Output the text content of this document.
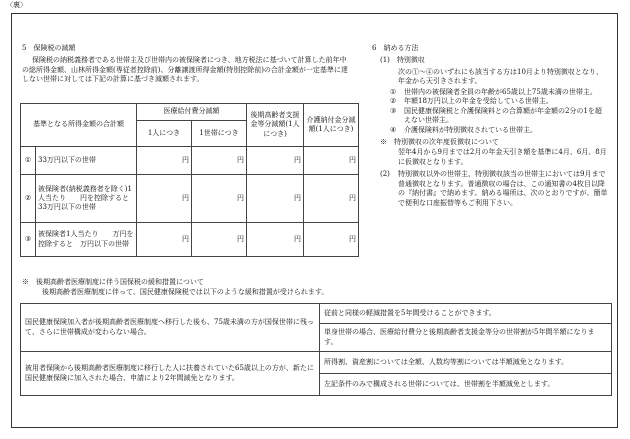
〈裏〉

5　保険税の減額

保険税の納税義務者である世帯主及び世帯内の被保険者につき、地方税法に基づいて計算した前年中の総所得金額、山林所得金額(専従者控除前)、分離譲渡所得金額(特別控除前)の合計金額が一定基準に達しない世帯に対しては下記の計算に基づき減額されます。

基準となる所得金額の合計額		医療給付費分減額		後期高齢者支援金等分減額(1人につき)	介護納付金分減額(1人につき)
		1人につき	1世帯につき		
①	33万円以下の世帯	円	円	円	円
②	被保険者(納税義務者を除く)1人当たり　　円を控除すると33万円以下の世帯	円	円	円	円
③	被保険者1人当たり　　万円を控除すると　万円以下の世帯	円	円	円	円

6　納める方法

(1)　特別徴収

次の①～④のいずれにも該当する方は10月より特別徴収となり、年金から天引きされます。

①	世帯内の被保険者全員の年齢が65歳以上75歳未満の世帯主。
②	年額18万円以上の年金を受給している世帯主。
③	国民健康保険税と介護保険料との合算額が年金額の2分の1を超えない世帯主。
④	介護保険料が特別徴収されている世帯主。

※　特別徴収の次年度仮徴収について

翌年4月から9月までは2月の年金天引き額を基準に4月、6月、8月に仮徴収となります。

(2)	特別徴収以外の世帯主、特別徴収該当の世帯主においては9月まで普通徴収となります。普通徴収の場合は、この通知書の4枚目以降の『納付書』で納めます。納める場所は、次のとおりですが、簡単で便利な口座振替等もご利用下さい。

※　後期高齢者医療制度に伴う国保税の緩和措置について

後期高齢者医療制度に伴って、国民健康保険税では以下のような緩和措置が受けられます。

国民健康保険加入者が後期高齢者医療制度へ移行した後も、75歳未満の方が国保世帯に残って、さらに世帯構成が変わらない場合。	従前と同様の軽減措置を5年間受けることができます。
	単身世帯の場合、医療給付費分と後期高齢者支援金等分の世帯割が5年間半額になります。
被用者保険から後期高齢者医療制度に移行した人に扶養されていた65歳以上の方が、新たに国民健康保険に加入された場合、申請により2年間減免となります。	所得割、資産割については全額、人数均等割については半額減免となります。
	左記条件のみで構成される世帯については、世帯割を半額減免とします。
